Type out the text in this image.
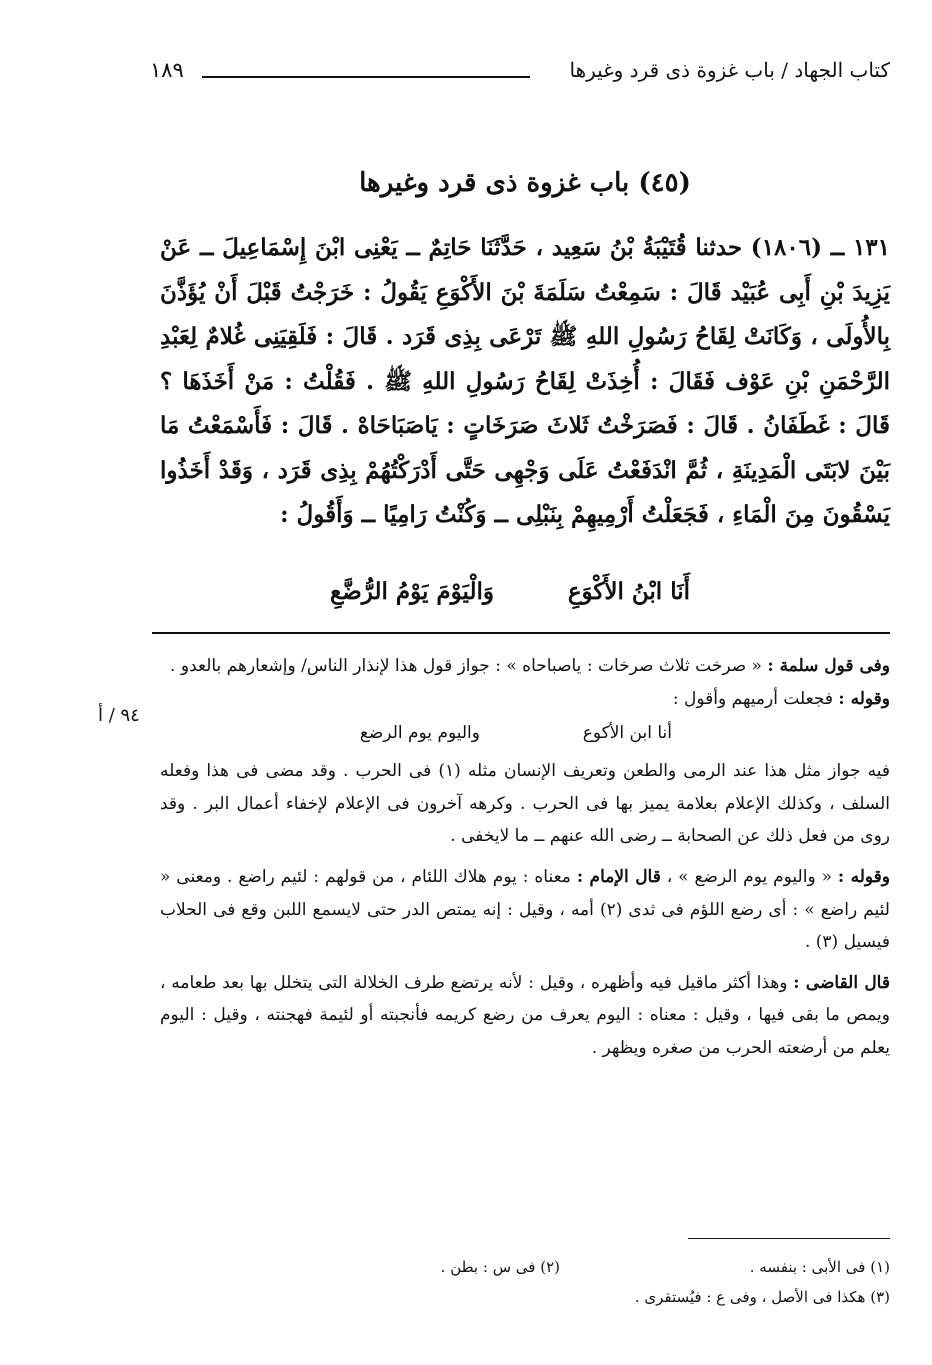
كتاب الجهاد / باب غزوة ذى قرد وغيرها
١٨٩
(٤٥) باب غزوة ذى قرد وغيرها
١٣١ ــ (١٨٠٦) حدثنا قُتَيْبَةُ بْنُ سَعِيد ، حَدَّثَنَا حَاتِمٌ ــ يَعْنِى ابْنَ إِسْمَاعِيلَ ــ عَنْ يَزِيدَ بْنِ أَبِى عُبَيْد قَالَ : سَمِعْتُ سَلَمَةَ بْنَ الأَكْوَعِ يَقُولُ : خَرَجْتُ قَبْلَ أَنْ يُؤَذَّنَ بِالأُولَى ، وَكَانَتْ لِقَاحُ رَسُولِ اللهِ ﷺ تَرْعَى بِذِى قَرَد . قَالَ : فَلَقِيَنِى غُلامٌ لِعَبْدِ الرَّحْمَنِ بْنِ عَوْف فَقَالَ : أُخِذَتْ لِقَاحُ رَسُولِ اللهِ ﷺ . فَقُلْتُ : مَنْ أَخَذَهَا ؟ قَالَ : غَطَفَانُ . قَالَ : فَصَرَخْتُ ثَلاثَ صَرَخَاتٍ : يَاصَبَاحَاهْ . قَالَ : فَأَسْمَعْتُ مَا بَيْنَ لابَتَى الْمَدِينَةِ ، ثُمَّ انْدَفَعْتُ عَلَى وَجْهِى حَتَّى أَدْرَكْتُهُمْ بِذِى قَرَد ، وَقَدْ أَخَذُوا يَسْقُونَ مِنَ الْمَاءِ ، فَجَعَلْتُ أَرْمِيهِمْ بِنَبْلِى ــ وَكُنْتُ رَامِيًا ــ وَأَقُولُ :
أَنَا ابْنُ الأَكْوَعِ
وَالْيَوْمَ يَوْمُ الرُّضَّعِ
٩٤ / أ

وفى قول سلمة : « صرخت ثلاث صرخات : ياصباحاه » : جواز قول هذا لإنذار الناس/ وإشعارهم بالعدو .

وقوله : فجعلت أرميهم وأقول :

أنا ابن الأكوع
واليوم يوم الرضع

فيه جواز مثل هذا عند الرمى والطعن وتعريف الإنسان مثله (١) فى الحرب . وقد مضى فى هذا وفعله السلف ، وكذلك الإعلام بعلامة يميز بها فى الحرب . وكرهه آخرون فى الإعلام لإخفاء أعمال البر . وقد روى من فعل ذلك عن الصحابة ــ رضى الله عنهم ــ ما لايخفى .

وقوله : « واليوم يوم الرضع » ، قال الإمام : معناه : يوم هلاك اللئام ، من قولهم : لئيم راضع . ومعنى « لئيم راضع » : أى رضع اللؤم فى ثدى (٢) أمه ، وقيل : إنه يمتص الدر حتى لايسمع اللبن وقع فى الحلاب فيسيل (٣) .

قال القاضى : وهذا أكثر ماقيل فيه وأظهره ، وقيل : لأنه يرتضع طرف الخلالة التى يتخلل بها بعد طعامه ، ويمص ما بقى فيها ، وقيل : معناه : اليوم يعرف من رضع كريمه فأنجبته أو لئيمة فهجنته ، وقيل : اليوم يعلم من أرضعته الحرب من صغره ويظهر .

(١) فى الأبى : بنفسه .
(٢) فى س : بطن .
(٣) هكذا فى الأصل ، وفى ع : فيُستقرى .
